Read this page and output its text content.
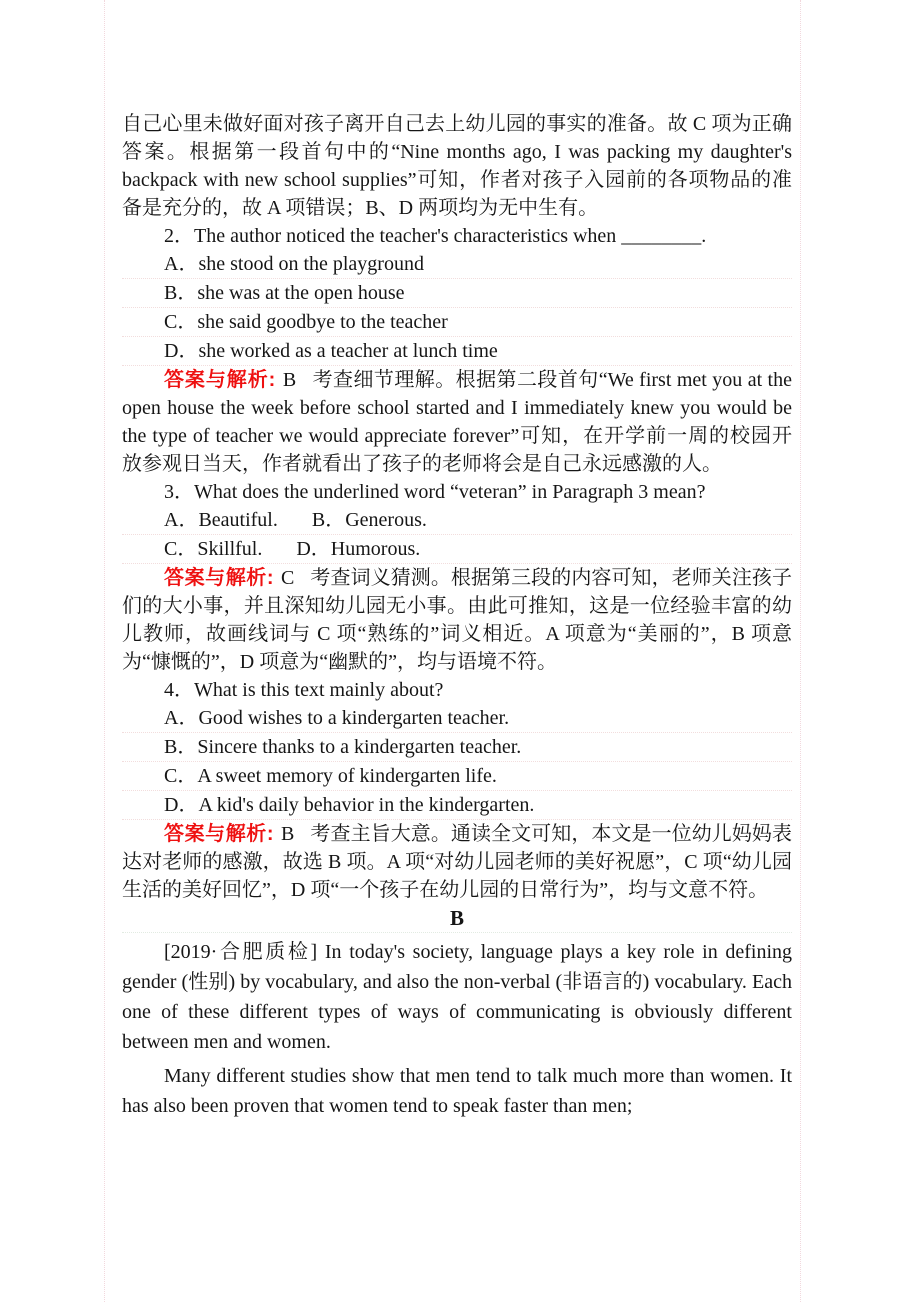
自己心里未做好面对孩子离开自己去上幼儿园的事实的准备。故 C 项为正确答案。根据第一段首句中的“Nine months ago, I was packing my daughter's backpack with new school supplies”可知，作者对孩子入园前的各项物品的准备是充分的，故 A 项错误；B、D 两项均为无中生有。

2．The author noticed the teacher's characteristics when ________.

A．she stood on the playground

B．she was at the open house

C．she said goodbye to the teacher

D．she worked as a teacher at lunch time

答案与解析: B 考查细节理解。根据第二段首句“We first met you at the open house the week before school started and I immediately knew you would be the type of teacher we would appreciate forever”可知，在开学前一周的校园开放参观日当天，作者就看出了孩子的老师将会是自己永远感激的人。

3．What does the underlined word “veteran” in Paragraph 3 mean?

A．Beautiful. B．Generous.

C．Skillful. D．Humorous.

答案与解析: C 考查词义猜测。根据第三段的内容可知，老师关注孩子们的大小事，并且深知幼儿园无小事。由此可推知，这是一位经验丰富的幼儿教师，故画线词与 C 项“熟练的”词义相近。A 项意为“美丽的”，B 项意为“慷慨的”，D 项意为“幽默的”，均与语境不符。

4．What is this text mainly about?

A．Good wishes to a kindergarten teacher.

B．Sincere thanks to a kindergarten teacher.

C．A sweet memory of kindergarten life.

D．A kid's daily behavior in the kindergarten.

答案与解析: B 考查主旨大意。通读全文可知，本文是一位幼儿妈妈表达对老师的感激，故选 B 项。A 项“对幼儿园老师的美好祝愿”，C 项“幼儿园生活的美好回忆”，D 项“一个孩子在幼儿园的日常行为”，均与文意不符。

B

[2019·合肥质检] In today's society, language plays a key role in defining gender (性别) by vocabulary, and also the non-verbal (非语言的) vocabulary. Each one of these different types of ways of communicating is obviously different between men and women.

Many different studies show that men tend to talk much more than women. It has also been proven that women tend to speak faster than men;
